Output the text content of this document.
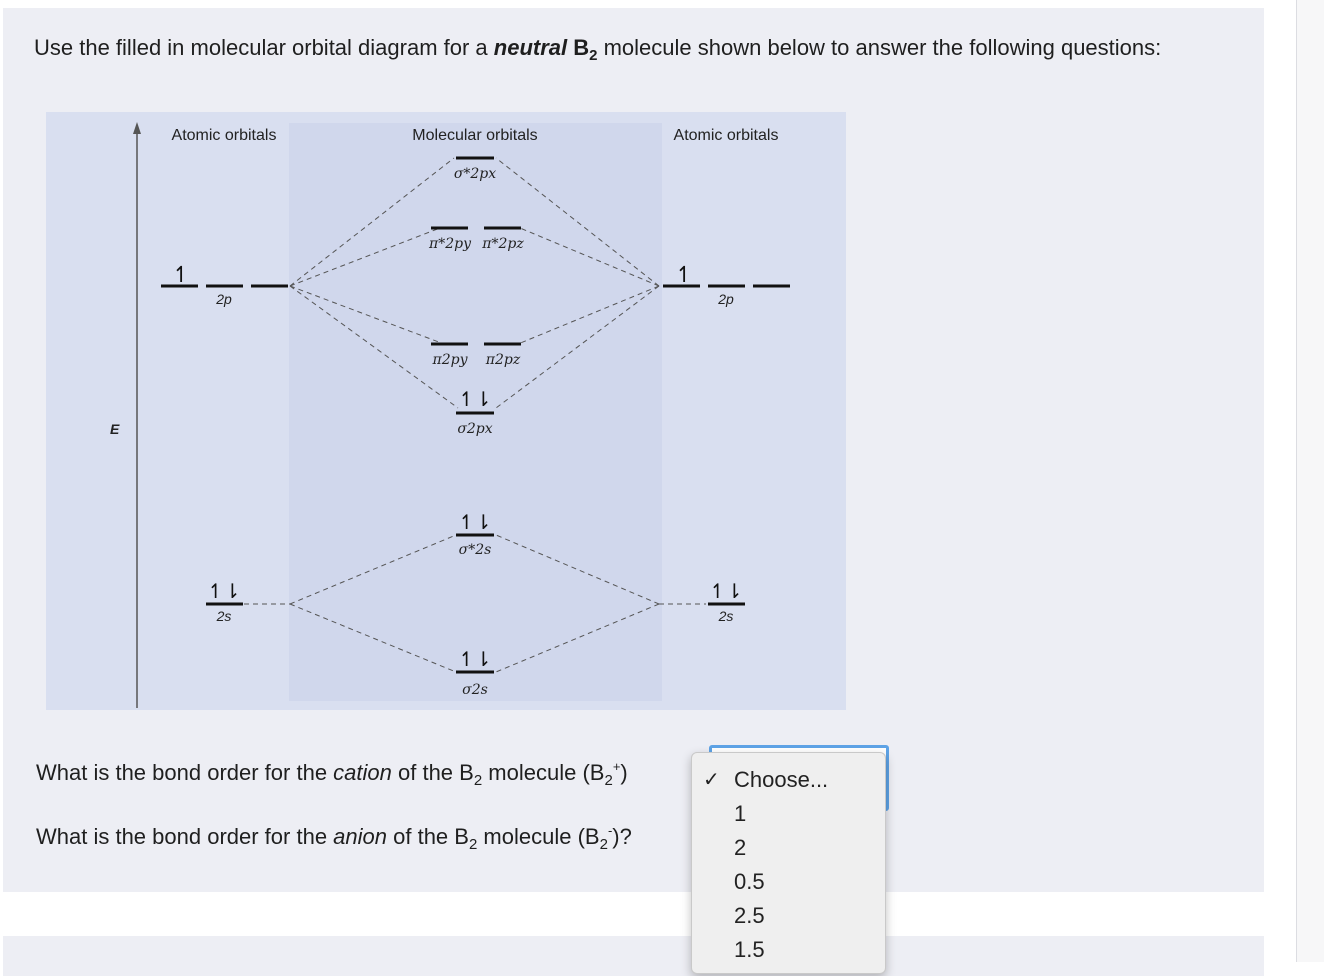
Use the filled in molecular orbital diagram for a neutral $B_2$ molecule shown below to answer the following questions:
E
Atomic orbitals	Molecular orbitals	Atomic orbitals
↿
2p
↿
2p
↿⇂
2s
↿⇂
2s
σ*2px
π*2py π*2pz
π2py π2pz
↿⇂
σ2px
↿⇂
σ*2s
↿⇂
σ2s
What is the bond order for the cation of the $B_2$ molecule $(B_2^+)$
What is the bond order for the anion of the $B_2$ molecule $(B_2^-)$?
✓ Choose...
1
2
0.5
2.5
1.5
